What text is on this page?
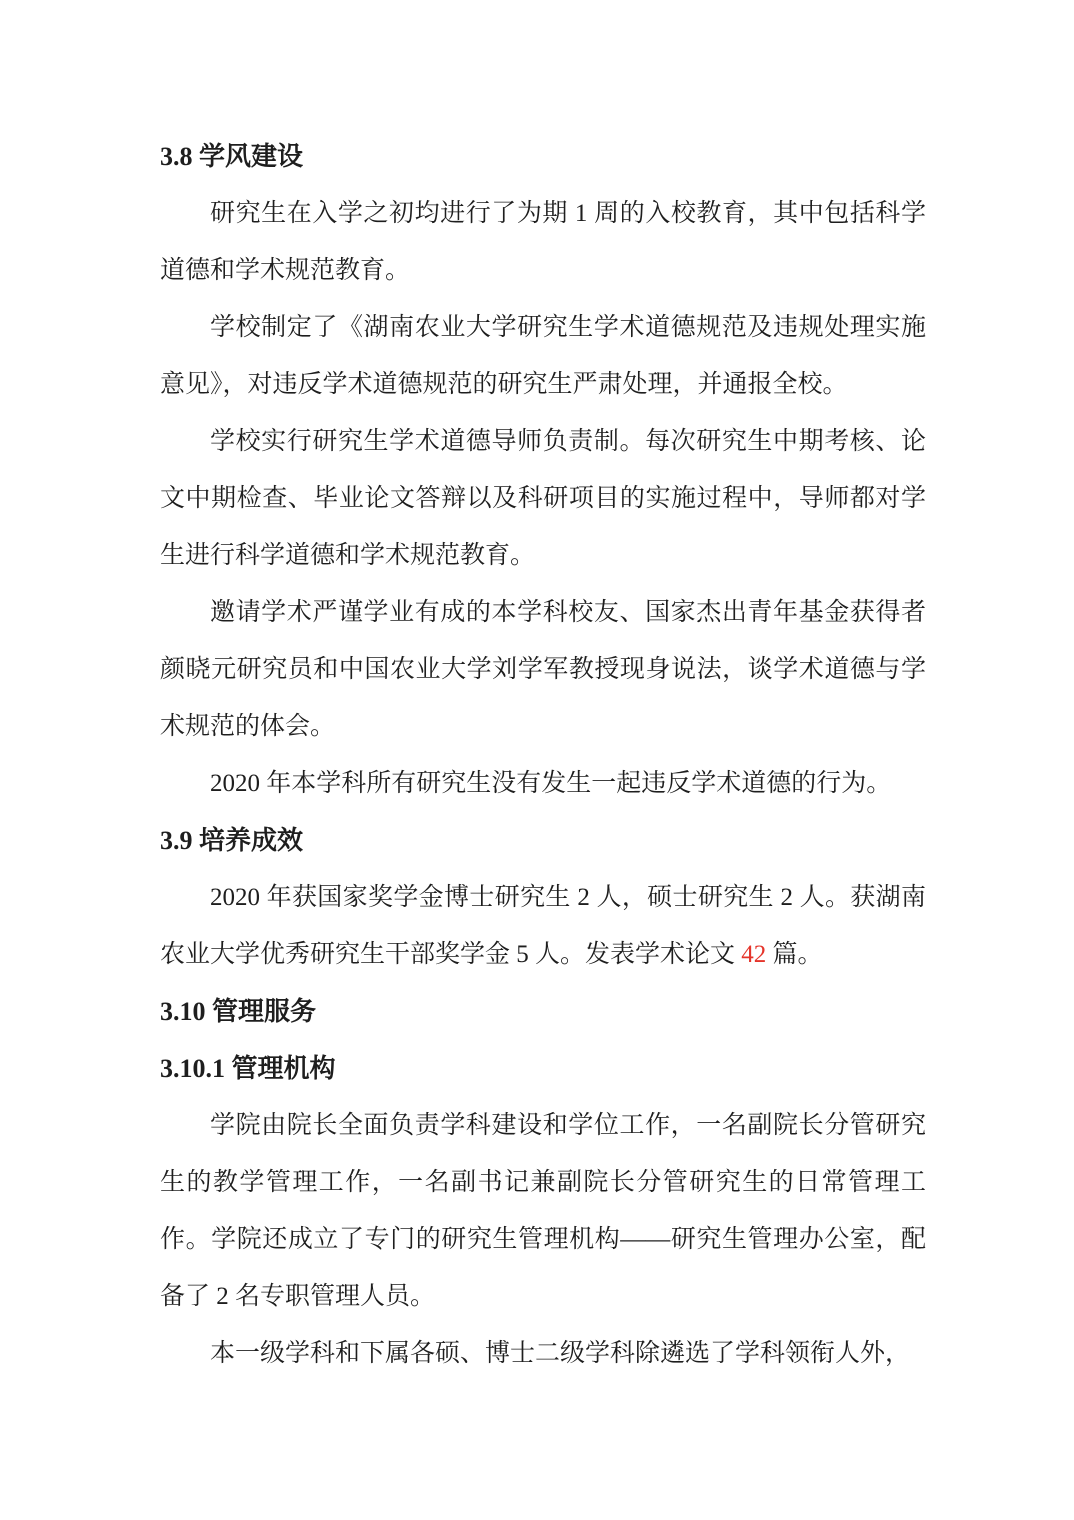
3.8 学风建设

研究生在入学之初均进行了为期 1 周的入校教育，其中包括科学道德和学术规范教育。

学校制定了《湖南农业大学研究生学术道德规范及违规处理实施意见》，对违反学术道德规范的研究生严肃处理，并通报全校。

学校实行研究生学术道德导师负责制。每次研究生中期考核、论文中期检查、毕业论文答辩以及科研项目的实施过程中，导师都对学生进行科学道德和学术规范教育。

邀请学术严谨学业有成的本学科校友、国家杰出青年基金获得者颜晓元研究员和中国农业大学刘学军教授现身说法，谈学术道德与学术规范的体会。

2020 年本学科所有研究生没有发生一起违反学术道德的行为。

3.9 培养成效

2020 年获国家奖学金博士研究生 2 人，硕士研究生 2 人。获湖南农业大学优秀研究生干部奖学金 5 人。发表学术论文 42 篇。

3.10 管理服务
3.10.1 管理机构

学院由院长全面负责学科建设和学位工作，一名副院长分管研究生的教学管理工作，一名副书记兼副院长分管研究生的日常管理工作。学院还成立了专门的研究生管理机构——研究生管理办公室，配备了 2 名专职管理人员。

本一级学科和下属各硕、博士二级学科除遴选了学科领衔人外，
